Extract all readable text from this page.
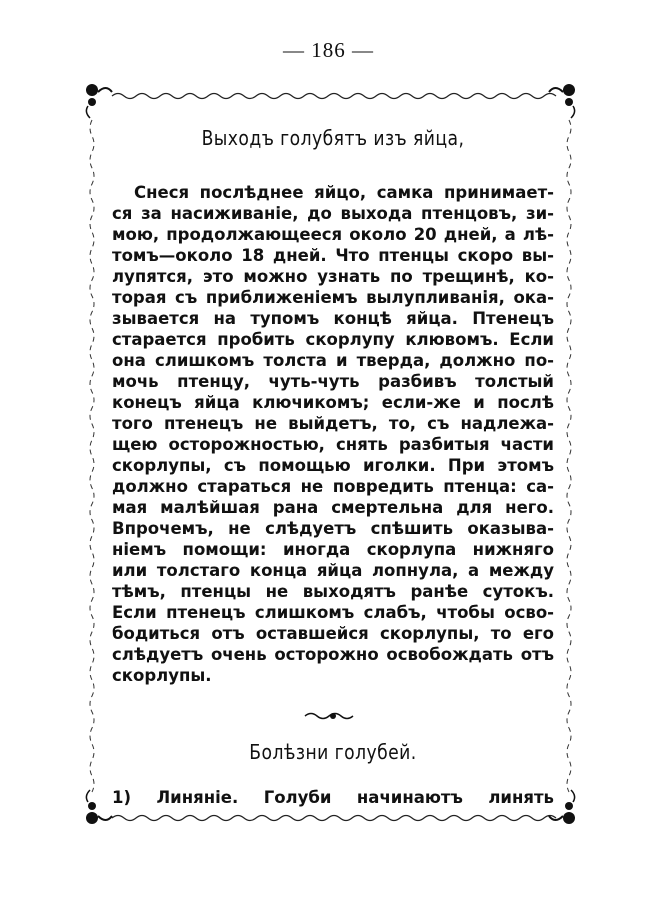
— 186 —
Выходъ голубятъ изъ яйца,
Снеся послѣднее яйцо, самка принимает-
ся за насиживаніе, до выхода птенцовъ, зи-
мою, продолжающееся около 20 дней, а лѣ-
томъ—около 18 дней. Что птенцы скоро вы-
лупятся, это можно узнать по трещинѣ, ко-
торая съ приближеніемъ вылупливанія, ока-
зывается на тупомъ концѣ яйца. Птенецъ
старается пробить скорлупу клювомъ. Если
она слишкомъ толста и тверда, должно по-
мочь птенцу, чуть-чуть разбивъ толстый
конецъ яйца ключикомъ; если-же и послѣ
того птенецъ не выйдетъ, то, съ надлежа-
щею осторожностью, снять разбитыя части
скорлупы, съ помощью иголки. При этомъ
должно стараться не повредить птенца: са-
мая малѣйшая рана смертельна для него.
Впрочемъ, не слѣдуетъ спѣшить оказыва-
ніемъ помощи: иногда скорлупа нижняго
или толстаго конца яйца лопнула, а между
тѣмъ, птенцы не выходятъ ранѣе сутокъ.
Если птенецъ слишкомъ слабъ, чтобы осво-
бодиться отъ оставшейся скорлупы, то его
слѣдуетъ очень осторожно освобождать отъ
скорлупы.
Болѣзни голубей.
1) Линяніе. Голуби начинаютъ линять
